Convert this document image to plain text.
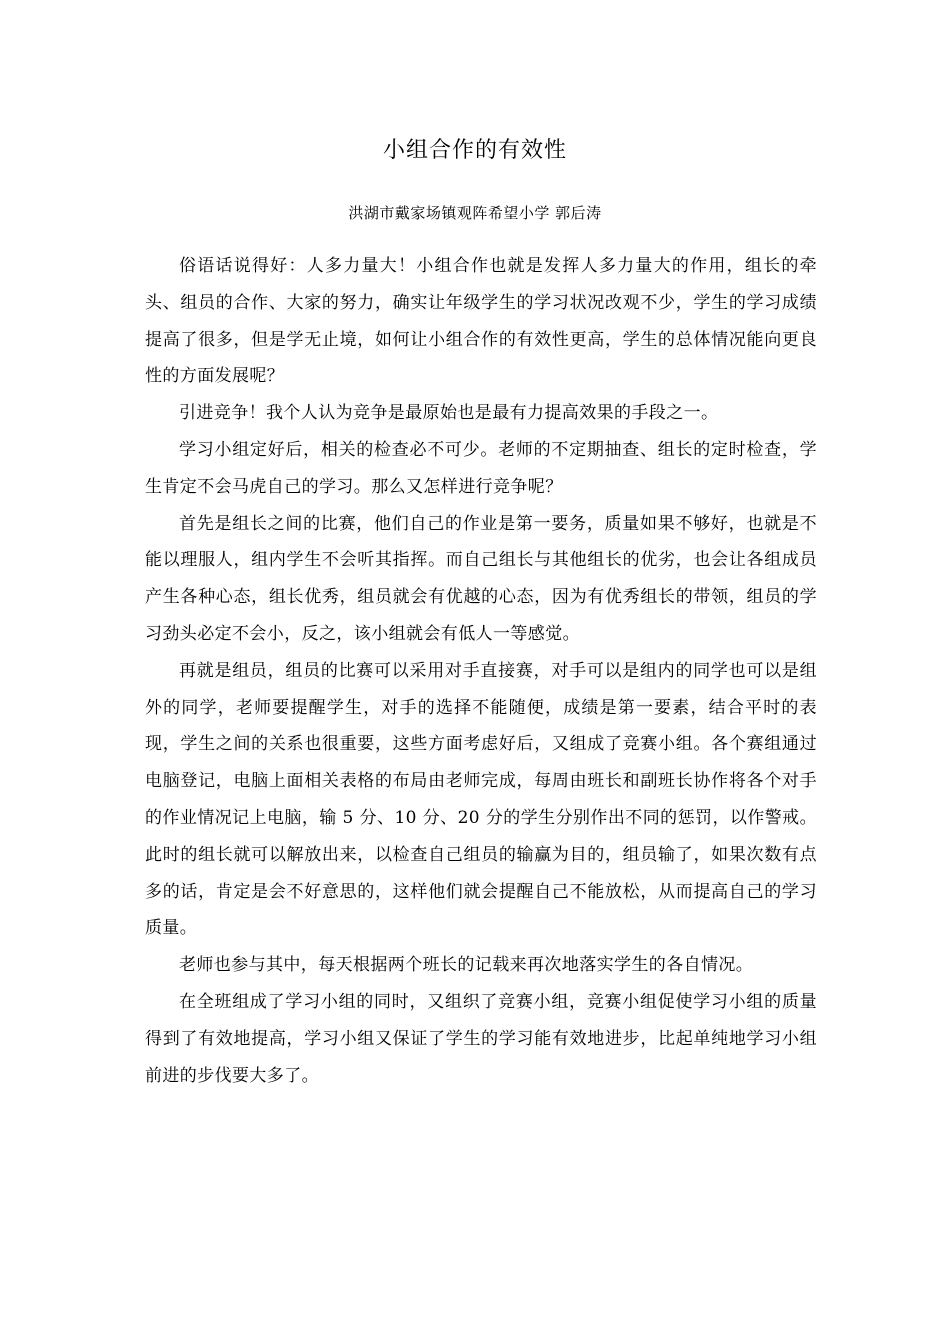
小组合作的有效性
洪湖市戴家场镇观阵希望小学 郭后涛

俗语话说得好：人多力量大！小组合作也就是发挥人多力量大的作用，组长的牵头、组员的合作、大家的努力，确实让年级学生的学习状况改观不少，学生的学习成绩提高了很多，但是学无止境，如何让小组合作的有效性更高，学生的总体情况能向更良性的方面发展呢？

引进竞争！我个人认为竞争是最原始也是最有力提高效果的手段之一。

学习小组定好后，相关的检查必不可少。老师的不定期抽查、组长的定时检查，学生肯定不会马虎自己的学习。那么又怎样进行竞争呢？

首先是组长之间的比赛，他们自己的作业是第一要务，质量如果不够好，也就是不能以理服人，组内学生不会听其指挥。而自己组长与其他组长的优劣，也会让各组成员产生各种心态，组长优秀，组员就会有优越的心态，因为有优秀组长的带领，组员的学习劲头必定不会小，反之，该小组就会有低人一等感觉。

再就是组员，组员的比赛可以采用对手直接赛，对手可以是组内的同学也可以是组外的同学，老师要提醒学生，对手的选择不能随便，成绩是第一要素，结合平时的表现，学生之间的关系也很重要，这些方面考虑好后，又组成了竞赛小组。各个赛组通过电脑登记，电脑上面相关表格的布局由老师完成，每周由班长和副班长协作将各个对手的作业情况记上电脑，输 5 分、10 分、20 分的学生分别作出不同的惩罚，以作警戒。此时的组长就可以解放出来，以检查自己组员的输赢为目的，组员输了，如果次数有点多的话，肯定是会不好意思的，这样他们就会提醒自己不能放松，从而提高自己的学习质量。

老师也参与其中，每天根据两个班长的记载来再次地落实学生的各自情况。

在全班组成了学习小组的同时，又组织了竞赛小组，竞赛小组促使学习小组的质量得到了有效地提高，学习小组又保证了学生的学习能有效地进步，比起单纯地学习小组前进的步伐要大多了。
